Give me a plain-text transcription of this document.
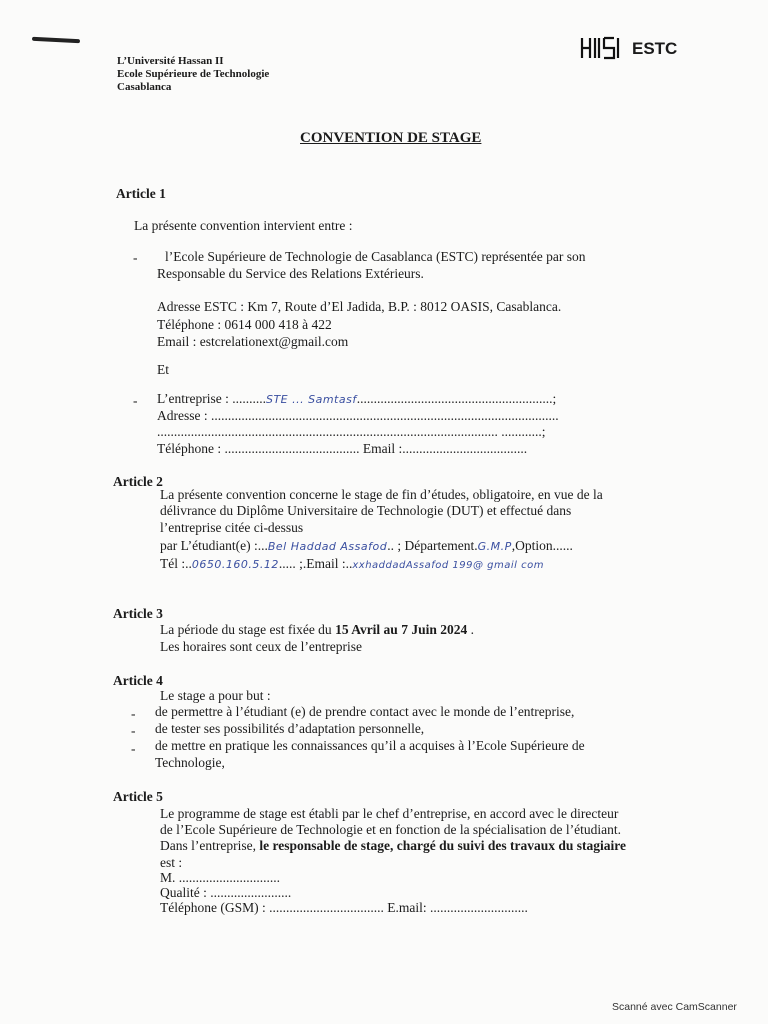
L’Université Hassan II
Ecole Supérieure de Technologie
Casablanca
ESTC
CONVENTION DE STAGE
Article 1
La présente convention intervient entre :
- l’Ecole Supérieure de Technologie de Casablanca (ESTC) représentée par son
Responsable du Service des Relations Extérieurs.
Adresse ESTC : Km 7, Route d’El Jadida, B.P. : 8012 OASIS, Casablanca.
Téléphone : 0614 000 418 à 422
Email : estcrelationext@gmail.com
Et
- L’entreprise : ..........STE ... Samtasf..........................................................;
Adresse : .......................................................................................................
..................................................................................................... ............;
Téléphone : ........................................ Email :.....................................
Article 2
La présente convention concerne le stage de fin d’études, obligatoire, en vue de la
délivrance du Diplôme Universitaire de Technologie (DUT) et effectué dans
l’entreprise citée ci-dessus
par L’étudiant(e) :...Bel Haddad Assafod.. ; Département.G.M.P,Option......
Tél :..0650.160.5.12..... ;.Email :..xxhaddadAssafod 199@ gmail com
Article 3
La période du stage est fixée du 15 Avril au 7 Juin 2024 .
Les horaires sont ceux de l’entreprise
Article 4
Le stage a pour but :
- de permettre à l’étudiant (e) de prendre contact avec le monde de l’entreprise,
- de tester ses possibilités d’adaptation personnelle,
- de mettre en pratique les connaissances qu’il a acquises à l’Ecole Supérieure de
Technologie,
Article 5
Le programme de stage est établi par le chef d’entreprise, en accord avec le directeur
de l’Ecole Supérieure de Technologie et en fonction de la spécialisation de l’étudiant.
Dans l’entreprise, le responsable de stage, chargé du suivi des travaux du stagiaire
est :
M. ..............................
Qualité : ........................
Téléphone (GSM) : .................................. E.mail: .............................
Scanné avec CamScanner
